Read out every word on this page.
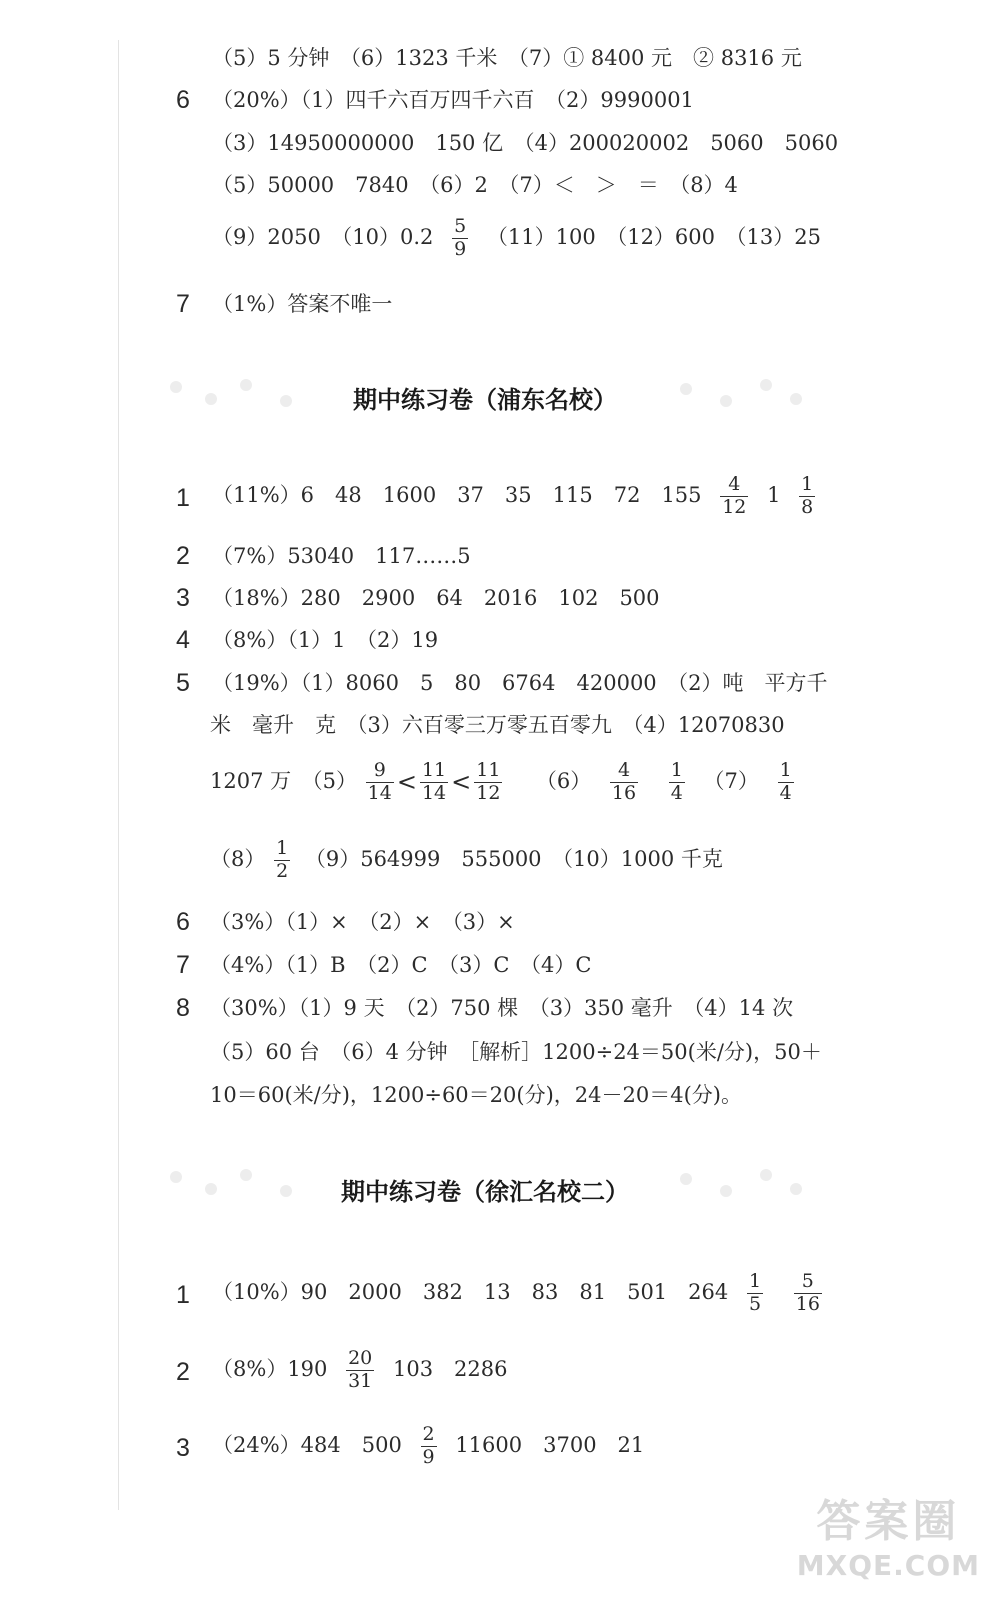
（5）5 分钟　（6）1323 千米　（7）① 8400 元　② 8316 元
6 （20%）（1）四千六百万四千六百　（2）9990001
（3）14950000000　150 亿　（4）200020002　5060　5060
（5）50000　7840　（6）2　（7）＜　＞　＝　（8）4
（9）2050　$(10)0.2 \frac{5}{9} (11)100$　（12）600　（13）25
7 （1%）答案不唯一
期中练习卷（浦东名校）
1 （11%）6　48　1600　37　35　115　72　$155 \frac{4}{12} 1 \frac{1}{8}$
2 （7%）53040　117……5
3 （18%）280　2900　64　2016　102　500
4 （8%）（1）1　（2）19
5 （19%）（1）8060　5　80　6764　420000　（2）吨　平方千
米　毫升　克　（3）六百零三万零五百零九　（4）12070830
1207 万　$(5) \frac{9}{14} < \frac{11}{14} < \frac{11}{12} (6) \frac{4}{16}$
$\frac{1}{4} (7) \frac{1}{4}$
$(8) \frac{1}{2} (9)564999$　555000　（10）1000 千克
6 （3%）（1）×　（2）×　（3）×
7 （4%）（1）B　（2）C　（3）C　（4）C
8 （30%）（1）9 天　（2）750 棵　（3）350 毫升　（4）14 次
（5）60 台　（6）4 分钟　［解析］1200÷24＝50(米/分)，50＋
10＝60(米/分)，1200÷60＝20(分)，24－20＝4(分)。
期中练习卷（徐汇名校二）
1 （10%）90　2000　382　13　83　81　501　$264 \frac{1}{5}$
$\frac{5}{16}$
2 $(8\%)190 \frac{20}{31} 103$　2286
3 （24%）484　$500 \frac{2}{9} 11600$　3700　21
答案圈
MXQE.COM
